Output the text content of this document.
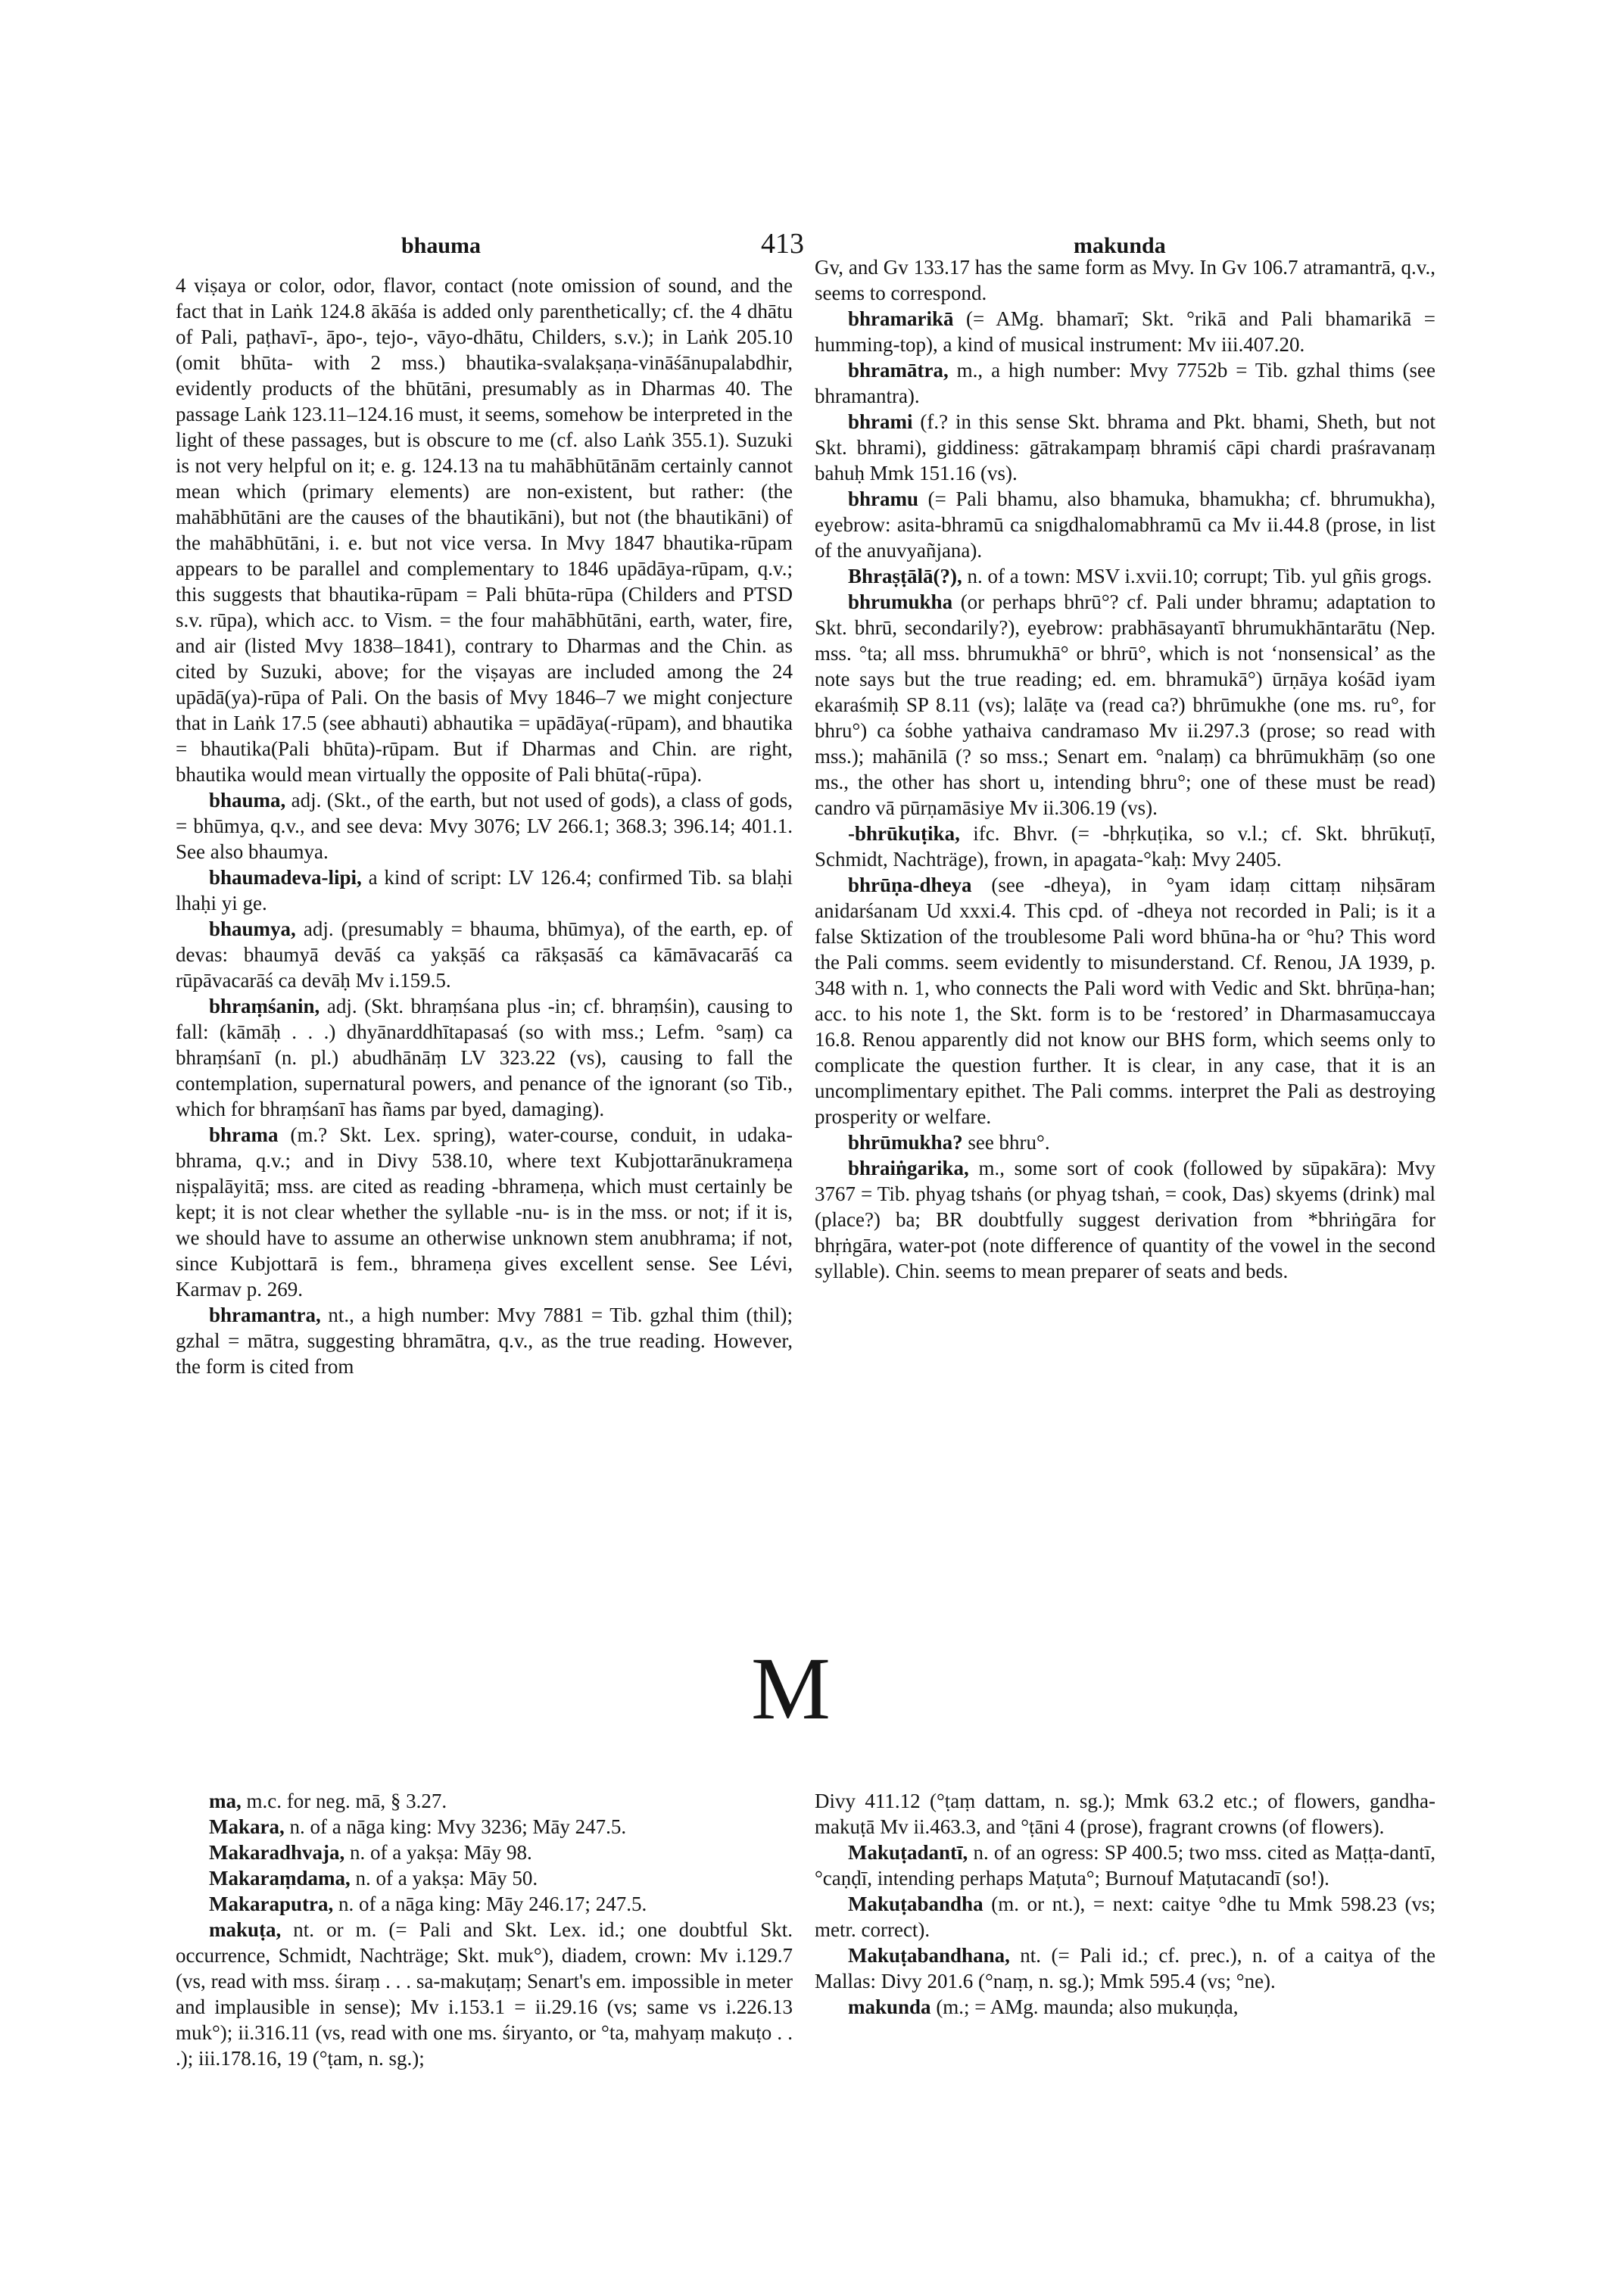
bhauma	413	makunda

4 viṣaya or color, odor, flavor, contact (note omission of sound, and the fact that in Laṅk 124.8 ākāśa is added only parenthetically; cf. the 4 dhātu of Pali, paṭhavī-, āpo-, tejo-, vāyo-dhātu, Childers, s.v.); in Laṅk 205.10 (omit bhūta- with 2 mss.) bhautika-svalakṣaṇa-vināśānupalabdhir, evidently products of the bhūtāni, presumably as in Dharmas 40. The passage Laṅk 123.11–124.16 must, it seems, somehow be interpreted in the light of these passages, but is obscure to me (cf. also Laṅk 355.1). Suzuki is not very helpful on it; e. g. 124.13 na tu mahābhūtānām certainly cannot mean which (primary elements) are non-existent, but rather: (the mahābhūtāni are the causes of the bhautikāni), but not (the bhautikāni) of the mahābhūtāni, i. e. but not vice versa. In Mvy 1847 bhautika-rūpam appears to be parallel and complementary to 1846 upādāya-rūpam, q.v.; this suggests that bhautika-rūpam = Pali bhūta-rūpa (Childers and PTSD s.v. rūpa), which acc. to Vism. = the four mahābhūtāni, earth, water, fire, and air (listed Mvy 1838–1841), contrary to Dharmas and the Chin. as cited by Suzuki, above; for the viṣayas are included among the 24 upādā(ya)-rūpa of Pali. On the basis of Mvy 1846–7 we might conjecture that in Laṅk 17.5 (see abhauti) abhautika = upādāya(-rūpam), and bhautika = bhautika(Pali bhūta)-rūpam. But if Dharmas and Chin. are right, bhautika would mean virtually the opposite of Pali bhūta(-rūpa).

bhauma, adj. (Skt., of the earth, but not used of gods), a class of gods, = bhūmya, q.v., and see deva: Mvy 3076; LV 266.1; 368.3; 396.14; 401.1. See also bhaumya.

bhaumadeva-lipi, a kind of script: LV 126.4; confirmed Tib. sa blaḥi lhaḥi yi ge.

bhaumya, adj. (presumably = bhauma, bhūmya), of the earth, ep. of devas: bhaumyā devāś ca yakṣāś ca rākṣasāś ca kāmāvacarāś ca rūpāvacarāś ca devāḥ Mv i.159.5.

bhraṃśanin, adj. (Skt. bhraṃśana plus -in; cf. bhraṃśin), causing to fall: (kāmāḥ . . .) dhyānarddhītapasaś (so with mss.; Lefm. °saṃ) ca bhraṃśanī (n. pl.) abudhānāṃ LV 323.22 (vs), causing to fall the contemplation, supernatural powers, and penance of the ignorant (so Tib., which for bhraṃśanī has ñams par byed, damaging).

bhrama (m.? Skt. Lex. spring), water-course, conduit, in udaka-bhrama, q.v.; and in Divy 538.10, where text Kubjottarānukrameṇa niṣpalāyitā; mss. are cited as reading -bhrameṇa, which must certainly be kept; it is not clear whether the syllable -nu- is in the mss. or not; if it is, we should have to assume an otherwise unknown stem anubhrama; if not, since Kubjottarā is fem., bhrameṇa gives excellent sense. See Lévi, Karmav p. 269.

bhramantra, nt., a high number: Mvy 7881 = Tib. gzhal thim (thil); gzhal = mātra, suggesting bhramātra, q.v., as the true reading. However, the form is cited from

Gv, and Gv 133.17 has the same form as Mvy. In Gv 106.7 atramantrā, q.v., seems to correspond.

bhramarikā (= AMg. bhamarī; Skt. °rikā and Pali bhamarikā = humming-top), a kind of musical instrument: Mv iii.407.20.

bhramātra, m., a high number: Mvy 7752b = Tib. gzhal thims (see bhramantra).

bhrami (f.? in this sense Skt. bhrama and Pkt. bhami, Sheth, but not Skt. bhrami), giddiness: gātrakampaṃ bhramiś cāpi chardi praśravanaṃ bahuḥ Mmk 151.16 (vs).

bhramu (= Pali bhamu, also bhamuka, bhamukha; cf. bhrumukha), eyebrow: asita-bhramū ca snigdhalomabhramū ca Mv ii.44.8 (prose, in list of the anuvyañjana).

Bhraṣṭālā(?), n. of a town: MSV i.xvii.10; corrupt; Tib. yul gñis grogs.

bhrumukha (or perhaps bhrū°? cf. Pali under bhramu; adaptation to Skt. bhrū, secondarily?), eyebrow: prabhāsayantī bhrumukhāntarātu (Nep. mss. °ta; all mss. bhrumukhā° or bhrū°, which is not ‘nonsensical’ as the note says but the true reading; ed. em. bhramukā°) ūrṇāya kośād iyam ekaraśmiḥ SP 8.11 (vs); lalāṭe va (read ca?) bhrūmukhe (one ms. ru°, for bhru°) ca śobhe yathaiva candramaso Mv ii.297.3 (prose; so read with mss.); mahānilā (? so mss.; Senart em. °nalaṃ) ca bhrūmukhāṃ (so one ms., the other has short u, intending bhru°; one of these must be read) candro vā pūrṇamāsiye Mv ii.306.19 (vs).

-bhrūkuṭika, ifc. Bhvr. (= -bhṛkuṭika, so v.l.; cf. Skt. bhrūkuṭī, Schmidt, Nachträge), frown, in apagata-°kaḥ: Mvy 2405.

bhrūṇa-dheya (see -dheya), in °yam idaṃ cittaṃ niḥsāram anidarśanam Ud xxxi.4. This cpd. of -dheya not recorded in Pali; is it a false Sktization of the troublesome Pali word bhūna-ha or °hu? This word the Pali comms. seem evidently to misunderstand. Cf. Renou, JA 1939, p. 348 with n. 1, who connects the Pali word with Vedic and Skt. bhrūṇa-han; acc. to his note 1, the Skt. form is to be ‘restored’ in Dharmasamuccaya 16.8. Renou apparently did not know our BHS form, which seems only to complicate the question further. It is clear, in any case, that it is an uncomplimentary epithet. The Pali comms. interpret the Pali as destroying prosperity or welfare.

bhrūmukha? see bhru°.

bhraiṅgarika, m., some sort of cook (followed by sūpakāra): Mvy 3767 = Tib. phyag tshaṅs (or phyag tshaṅ, = cook, Das) skyems (drink) mal (place?) ba; BR doubtfully suggest derivation from *bhriṅgāra for bhṛṅgāra, water-pot (note difference of quantity of the vowel in the second syllable). Chin. seems to mean preparer of seats and beds.

M

ma, m.c. for neg. mā, § 3.27.

Makara, n. of a nāga king: Mvy 3236; Māy 247.5.

Makaradhvaja, n. of a yakṣa: Māy 98.

Makaraṃdama, n. of a yakṣa: Māy 50.

Makaraputra, n. of a nāga king: Māy 246.17; 247.5.

makuṭa, nt. or m. (= Pali and Skt. Lex. id.; one doubtful Skt. occurrence, Schmidt, Nachträge; Skt. muk°), diadem, crown: Mv i.129.7 (vs, read with mss. śiraṃ . . . sa-makuṭaṃ; Senart's em. impossible in meter and implausible in sense); Mv i.153.1 = ii.29.16 (vs; same vs i.226.13 muk°); ii.316.11 (vs, read with one ms. śiryanto, or °ta, mahyaṃ makuṭo . . .); iii.178.16, 19 (°ṭam, n. sg.);

Divy 411.12 (°ṭaṃ dattam, n. sg.); Mmk 63.2 etc.; of flowers, gandha-makuṭā Mv ii.463.3, and °ṭāni 4 (prose), fragrant crowns (of flowers).

Makuṭadantī, n. of an ogress: SP 400.5; two mss. cited as Maṭṭa-dantī, °caṇḍī, intending perhaps Maṭuta°; Burnouf Maṭutacandī (so!).

Makuṭabandha (m. or nt.), = next: caitye °dhe tu Mmk 598.23 (vs; metr. correct).

Makuṭabandhana, nt. (= Pali id.; cf. prec.), n. of a caitya of the Mallas: Divy 201.6 (°naṃ, n. sg.); Mmk 595.4 (vs; °ne).

makunda (m.; = AMg. maunda; also mukuṇḍa,
